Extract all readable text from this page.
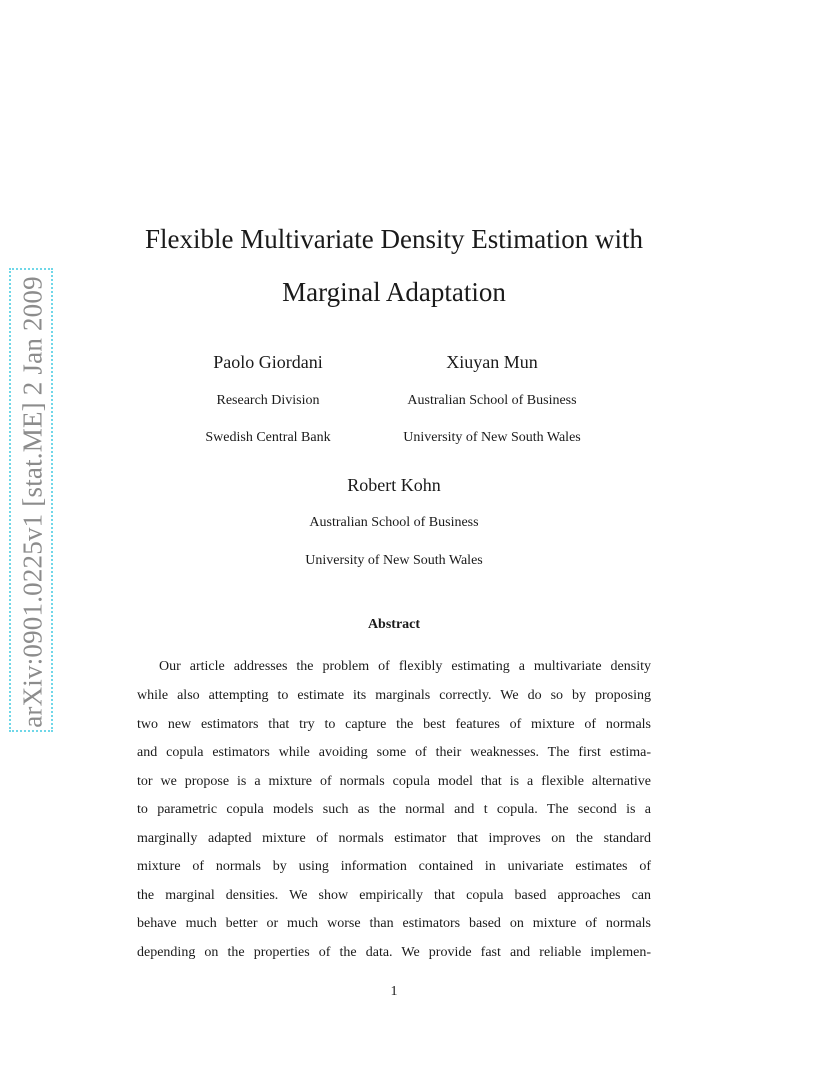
arXiv:0901.0225v1 [stat.ME] 2 Jan 2009
Flexible Multivariate Density Estimation with
Marginal Adaptation
Paolo Giordani
Research Division
Swedish Central Bank
Xiuyan Mun
Australian School of Business
University of New South Wales
Robert Kohn
Australian School of Business
University of New South Wales
Abstract
Our article addresses the problem of flexibly estimating a multivariate density
while also attempting to estimate its marginals correctly. We do so by proposing
two new estimators that try to capture the best features of mixture of normals
and copula estimators while avoiding some of their weaknesses. The first estima-
tor we propose is a mixture of normals copula model that is a flexible alternative
to parametric copula models such as the normal and t copula. The second is a
marginally adapted mixture of normals estimator that improves on the standard
mixture of normals by using information contained in univariate estimates of
the marginal densities. We show empirically that copula based approaches can
behave much better or much worse than estimators based on mixture of normals
depending on the properties of the data. We provide fast and reliable implemen-
1
